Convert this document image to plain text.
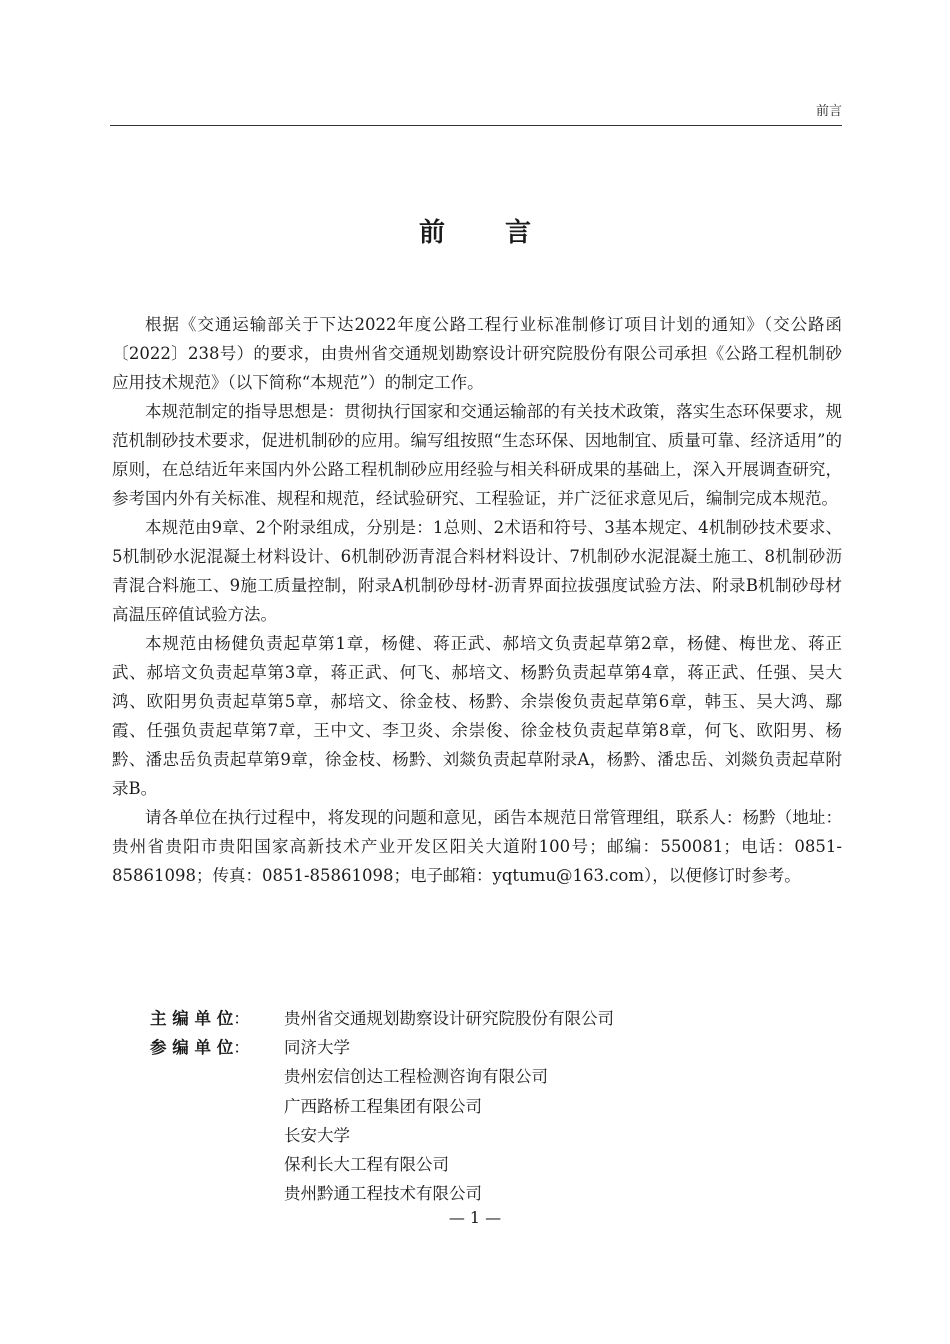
前言
前言

根据《交通运输部关于下达2022年度公路工程行业标准制修订项目计划的通知》（交公路函〔2022〕238号）的要求，由贵州省交通规划勘察设计研究院股份有限公司承担《公路工程机制砂应用技术规范》（以下简称“本规范”）的制定工作。

本规范制定的指导思想是：贯彻执行国家和交通运输部的有关技术政策，落实生态环保要求，规范机制砂技术要求，促进机制砂的应用。编写组按照“生态环保、因地制宜、质量可靠、经济适用”的原则，在总结近年来国内外公路工程机制砂应用经验与相关科研成果的基础上，深入开展调查研究，参考国内外有关标准、规程和规范，经试验研究、工程验证，并广泛征求意见后，编制完成本规范。

本规范由9章、2个附录组成，分别是：1总则、2术语和符号、3基本规定、4机制砂技术要求、5机制砂水泥混凝土材料设计、6机制砂沥青混合料材料设计、7机制砂水泥混凝土施工、8机制砂沥青混合料施工、9施工质量控制，附录A机制砂母材-沥青界面拉拔强度试验方法、附录B机制砂母材高温压碎值试验方法。

本规范由杨健负责起草第1章，杨健、蒋正武、郝培文负责起草第2章，杨健、梅世龙、蒋正武、郝培文负责起草第3章，蒋正武、何飞、郝培文、杨黔负责起草第4章，蒋正武、任强、吴大鸿、欧阳男负责起草第5章，郝培文、徐金枝、杨黔、余崇俊负责起草第6章，韩玉、吴大鸿、鄢霞、任强负责起草第7章，王中文、李卫炎、余崇俊、徐金枝负责起草第8章，何飞、欧阳男、杨黔、潘忠岳负责起草第9章，徐金枝、杨黔、刘燚负责起草附录A，杨黔、潘忠岳、刘燚负责起草附录B。

请各单位在执行过程中，将发现的问题和意见，函告本规范日常管理组，联系人：杨黔（地址：贵州省贵阳市贵阳国家高新技术产业开发区阳关大道附100号；邮编：550081；电话：0851-85861098；传真：0851-85861098；电子邮箱：yqtumu@163.com），以便修订时参考。

主 编 单 位：	贵州省交通规划勘察设计研究院股份有限公司
参 编 单 位：	同济大学
贵州宏信创达工程检测咨询有限公司
广西路桥工程集团有限公司
长安大学
保利长大工程有限公司
贵州黔通工程技术有限公司
— 1 —
